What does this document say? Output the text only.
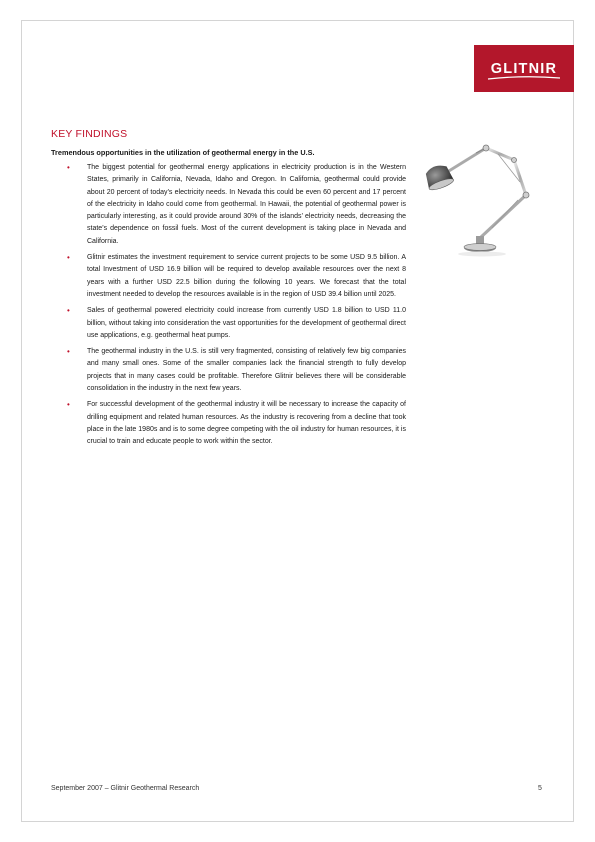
GLITNIR
KEY FINDINGS
Tremendous opportunities in the utilization of geothermal energy in the U.S.
• The biggest potential for geothermal energy applications in electricity production is in the Western States, primarily in California, Nevada, Idaho and Oregon. In California, geothermal could provide about 20 percent of today’s electricity needs. In Nevada this could be even 60 percent and 17 percent of the electricity in Idaho could come from geothermal. In Hawaii, the potential of geothermal power is particularly interesting, as it could provide around 30% of the islands’ electricity needs, decreasing the state’s dependence on fossil fuels. Most of the current development is taking place in Nevada and California.
• Glitnir estimates the investment requirement to service current projects to be some USD 9.5 billion. A total Investment of USD 16.9 billion will be required to develop available resources over the next 8 years with a further USD 22.5 billion during the following 10 years. We forecast that the total investment needed to develop the resources available is in the region of USD 39.4 billion until 2025.
• Sales of geothermal powered electricity could increase from currently USD 1.8 billion to USD 11.0 billion, without taking into consideration the vast opportunities for the development of geothermal direct use applications, e.g. geothermal heat pumps.
• The geothermal industry in the U.S. is still very fragmented, consisting of relatively few big companies and many small ones. Some of the smaller companies lack the financial strength to fully develop projects that in many cases could be profitable. Therefore Glitnir believes there will be considerable consolidation in the industry in the next few years.
• For successful development of the geothermal industry it will be necessary to increase the capacity of drilling equipment and related human resources. As the industry is recovering from a decline that took place in the late 1980s and is to some degree competing with the oil industry for human resources, it is crucial to train and educate people to work within the sector.
September 2007 – Glitnir Geothermal Research	5
